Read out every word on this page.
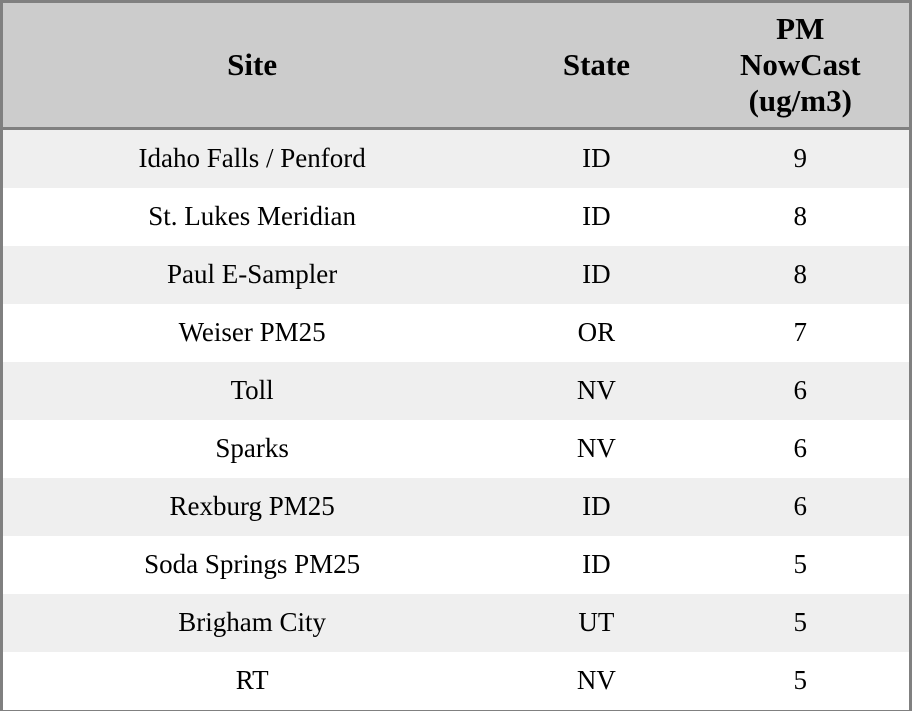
Site	State	PM
NowCast
(ug/m3)

Idaho Falls / Penford	ID	9
St. Lukes Meridian	ID	8
Paul E-Sampler	ID	8
Weiser PM25	OR	7
Toll	NV	6
Sparks	NV	6
Rexburg PM25	ID	6
Soda Springs PM25	ID	5
Brigham City	UT	5
RT	NV	5
